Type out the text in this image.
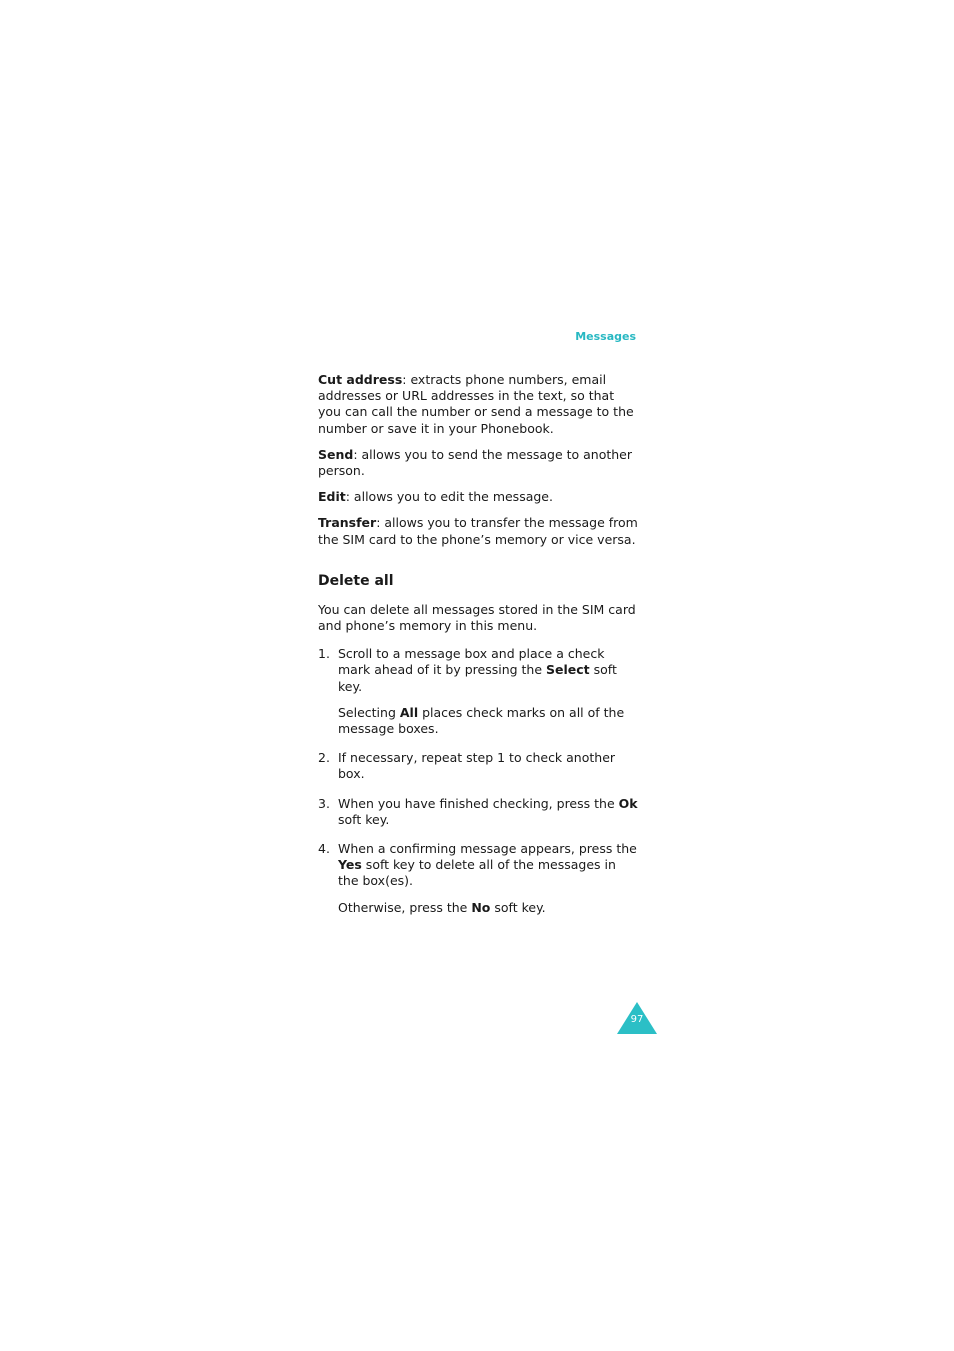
Messages

Cut address: extracts phone numbers, email addresses or URL addresses in the text, so that you can call the number or send a message to the number or save it in your Phonebook.

Send: allows you to send the message to another person.

Edit: allows you to edit the message.

Transfer: allows you to transfer the message from the SIM card to the phone’s memory or vice versa.

Delete all

You can delete all messages stored in the SIM card and phone’s memory in this menu.

1. Scroll to a message box and place a check mark ahead of it by pressing the Select soft key.

Selecting All places check marks on all of the message boxes.

2. If necessary, repeat step 1 to check another box.

3. When you have finished checking, press the Ok soft key.

4. When a confirming message appears, press the Yes soft key to delete all of the messages in the box(es).

Otherwise, press the No soft key.

97
